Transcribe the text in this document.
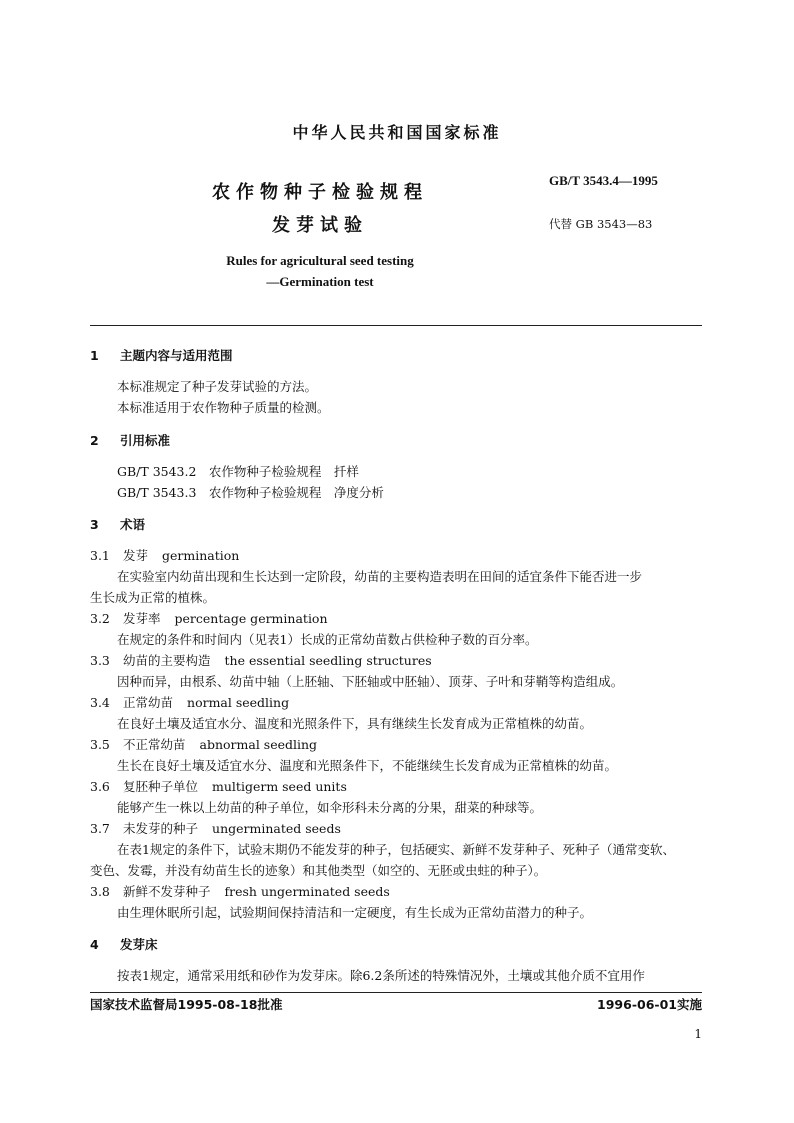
中华人民共和国国家标准
农作物种子检验规程
发芽试验
GB/T 3543.4—1995
代替 GB 3543—83
Rules for agricultural seed testing
—Germination test
1 主题内容与适用范围
本标准规定了种子发芽试验的方法。
本标准适用于农作物种子质量的检测。
2 引用标准
GB/T 3543.2　农作物种子检验规程　扦样
GB/T 3543.3　农作物种子检验规程　净度分析
3 术语
3.1 发芽 germination
在实验室内幼苗出现和生长达到一定阶段，幼苗的主要构造表明在田间的适宜条件下能否进一步
生长成为正常的植株。
3.2 发芽率 percentage germination
在规定的条件和时间内（见表1）长成的正常幼苗数占供检种子数的百分率。
3.3 幼苗的主要构造 the essential seedling structures
因种而异，由根系、幼苗中轴（上胚轴、下胚轴或中胚轴）、顶芽、子叶和芽鞘等构造组成。
3.4 正常幼苗 normal seedling
在良好土壤及适宜水分、温度和光照条件下，具有继续生长发育成为正常植株的幼苗。
3.5 不正常幼苗 abnormal seedling
生长在良好土壤及适宜水分、温度和光照条件下，不能继续生长发育成为正常植株的幼苗。
3.6 复胚种子单位 multigerm seed units
能够产生一株以上幼苗的种子单位，如伞形科未分离的分果，甜菜的种球等。
3.7 未发芽的种子 ungerminated seeds
在表1规定的条件下，试验末期仍不能发芽的种子，包括硬实、新鲜不发芽种子、死种子（通常变软、
变色、发霉，并没有幼苗生长的迹象）和其他类型（如空的、无胚或虫蛀的种子）。
3.8 新鲜不发芽种子 fresh ungerminated seeds
由生理休眠所引起，试验期间保持清洁和一定硬度，有生长成为正常幼苗潜力的种子。
4 发芽床
按表1规定，通常采用纸和砂作为发芽床。除6.2条所述的特殊情况外，土壤或其他介质不宜用作
国家技术监督局1995-08-18批准	1996-06-01实施
1
